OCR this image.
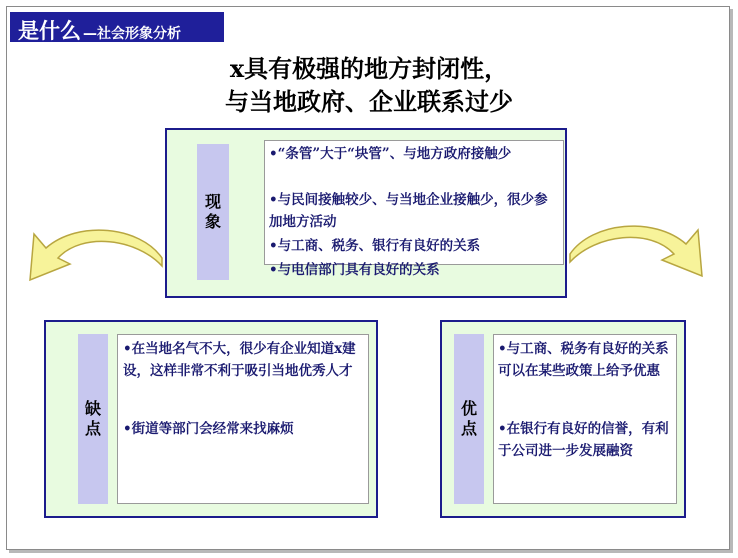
是什么 —社会形象分析
x具有极强的地方封闭性，
与当地政府、企业联系过少
现象
•“条管”大于“块管”、与地方政府接触少
•与民间接触较少、与当地企业接触少，很少参加地方活动
•与工商、税务、银行有良好的关系
•与电信部门具有良好的关系
缺点
•在当地名气不大，很少有企业知道x建设，这样非常不利于吸引当地优秀人才
•街道等部门会经常来找麻烦
优点
•与工商、税务有良好的关系可以在某些政策上给予优惠
•在银行有良好的信誉，有利于公司进一步发展融资
